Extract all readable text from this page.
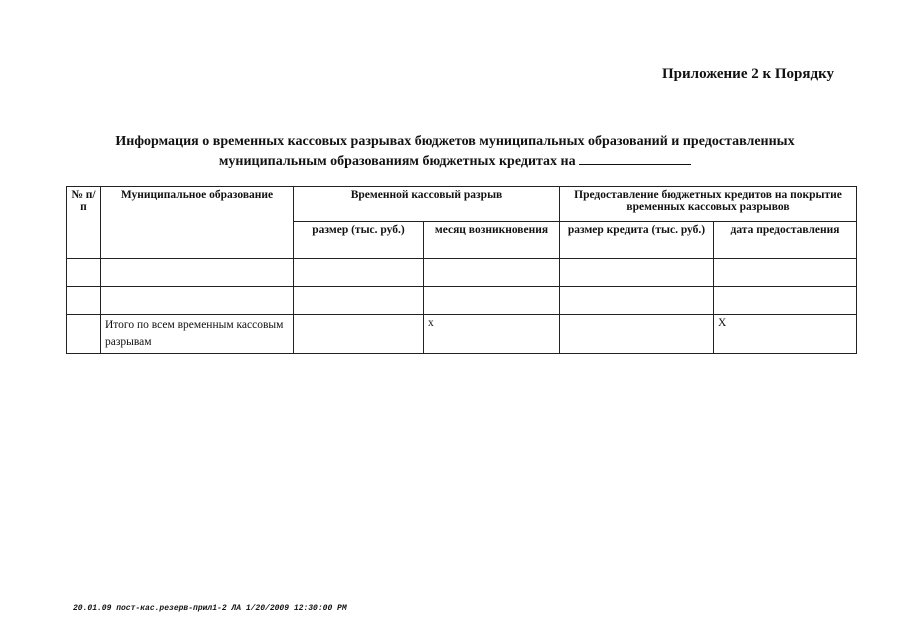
Приложение 2 к Порядку
Информация о временных кассовых разрывах бюджетов муниципальных образований и предоставленных
муниципальным образованиям бюджетных кредитах на
№ п/п	Муниципальное образование	Временной кассовый разрыв		Предоставление бюджетных кредитов на покрытие временных кассовых разрывов	
		размер (тыс. руб.)	месяц возникновения	размер кредита (тыс. руб.)	дата предоставления

	Итого по всем временным кассовым разрывам		х		Х
20.01.09 пост-кас.резерв-прил1-2 ЛА 1/20/2009 12:30:00 PM
